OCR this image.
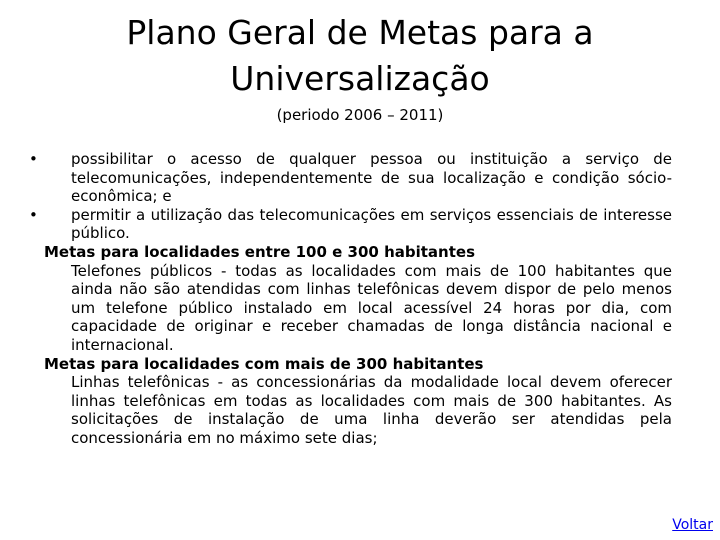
Plano Geral de Metas para a Universalização
(periodo 2006 – 2011)
• possibilitar o acesso de qualquer pessoa ou instituição a serviço de telecomunicações, independentemente de sua localização e condição sócio-econômica; e
• permitir a utilização das telecomunicações em serviços essenciais de interesse público.
Metas para localidades entre 100 e 300 habitantes
Telefones públicos - todas as localidades com mais de 100 habitantes que ainda não são atendidas com linhas telefônicas devem dispor de pelo menos um telefone público instalado em local acessível 24 horas por dia, com capacidade de originar e receber chamadas de longa distância nacional e internacional.
Metas para localidades com mais de 300 habitantes
Linhas telefônicas - as concessionárias da modalidade local devem oferecer linhas telefônicas em todas as localidades com mais de 300 habitantes. As solicitações de instalação de uma linha deverão ser atendidas pela concessionária em no máximo sete dias;
Voltar
